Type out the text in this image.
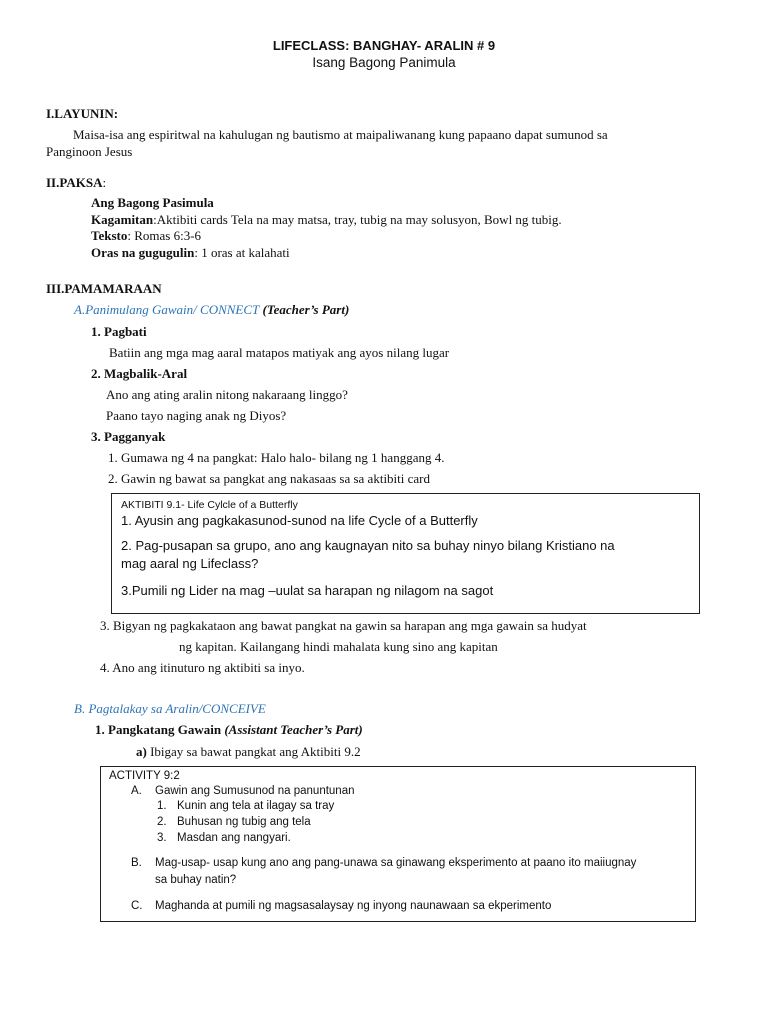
LIFECLASS: BANGHAY- ARALIN # 9
Isang Bagong Panimula
I.LAYUNIN:
Maisa-isa ang espiritwal na kahulugan ng bautismo at maipaliwanang kung papaano dapat sumunod sa
Panginoon Jesus
II.PAKSA:
Ang Bagong Pasimula
Kagamitan:Aktibiti cards Tela na may matsa, tray, tubig na may solusyon, Bowl ng tubig.
Teksto: Romas 6:3-6
Oras na gugugulin: 1 oras at kalahati
III.PAMAMARAAN
A.Panimulang Gawain/ CONNECT (Teacher’s Part)
1. Pagbati
Batiin ang mga mag aaral matapos matiyak ang ayos nilang lugar
2. Magbalik-Aral
Ano ang ating aralin nitong nakaraang linggo?
Paano tayo naging anak ng Diyos?
3. Pagganyak
1. Gumawa ng 4 na pangkat: Halo halo- bilang ng 1 hanggang 4.
2. Gawin ng bawat sa pangkat ang nakasaas sa sa aktibiti card
AKTIBITI 9.1- Life Cylcle of a Butterfly
1. Ayusin ang pagkakasunod-sunod na life Cycle of a Butterfly
2. Pag-pusapan sa grupo, ano ang kaugnayan nito sa buhay ninyo bilang Kristiano na
mag aaral ng Lifeclass?
3.Pumili ng Lider na mag –uulat sa harapan ng nilagom na sagot
3. Bigyan ng pagkakataon ang bawat pangkat na gawin sa harapan ang mga gawain sa hudyat
ng kapitan. Kailangang hindi mahalata kung sino ang kapitan
4. Ano ang itinuturo ng aktibiti sa inyo.
B. Pagtalakay sa Aralin/CONCEIVE
1. Pangkatang Gawain (Assistant Teacher’s Part)
a) Ibigay sa bawat pangkat ang Aktibiti 9.2
ACTIVITY 9:2
A. Gawin ang Sumusunod na panuntunan
1. Kunin ang tela at ilagay sa tray
2. Buhusan ng tubig ang tela
3. Masdan ang nangyari.
B. Mag-usap- usap kung ano ang pang-unawa sa ginawang eksperimento at paano ito maiiugnay
sa buhay natin?
C. Maghanda at pumili ng magsasalaysay ng inyong naunawaan sa ekperimento
